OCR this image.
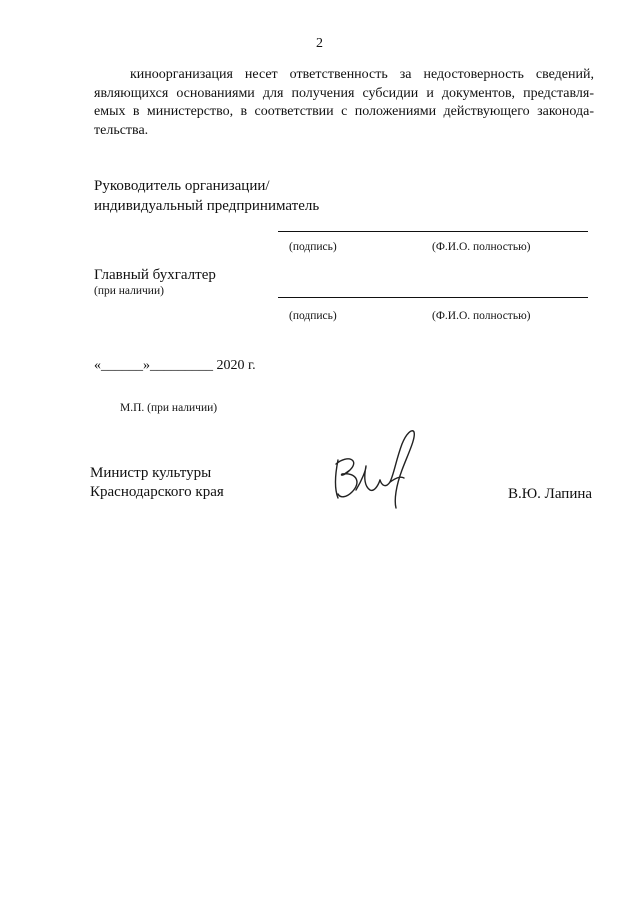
2
кинoорганизация несет ответственность за недостоверность сведений,
являющихся основаниями для получения субсидии и документов, представля-
емых в министерство, в соответствии с положениями действующего законода-
тельства.
Руководитель организации/
индивидуальный предприниматель
(подпись)	(Ф.И.О. полностью)
Главный бухгалтер
(при наличии)
(подпись)	(Ф.И.О. полностью)
«______»_________ 2020 г.
М.П. (при наличии)
Министр культуры
Краснодарского края	В.Ю. Лапина
